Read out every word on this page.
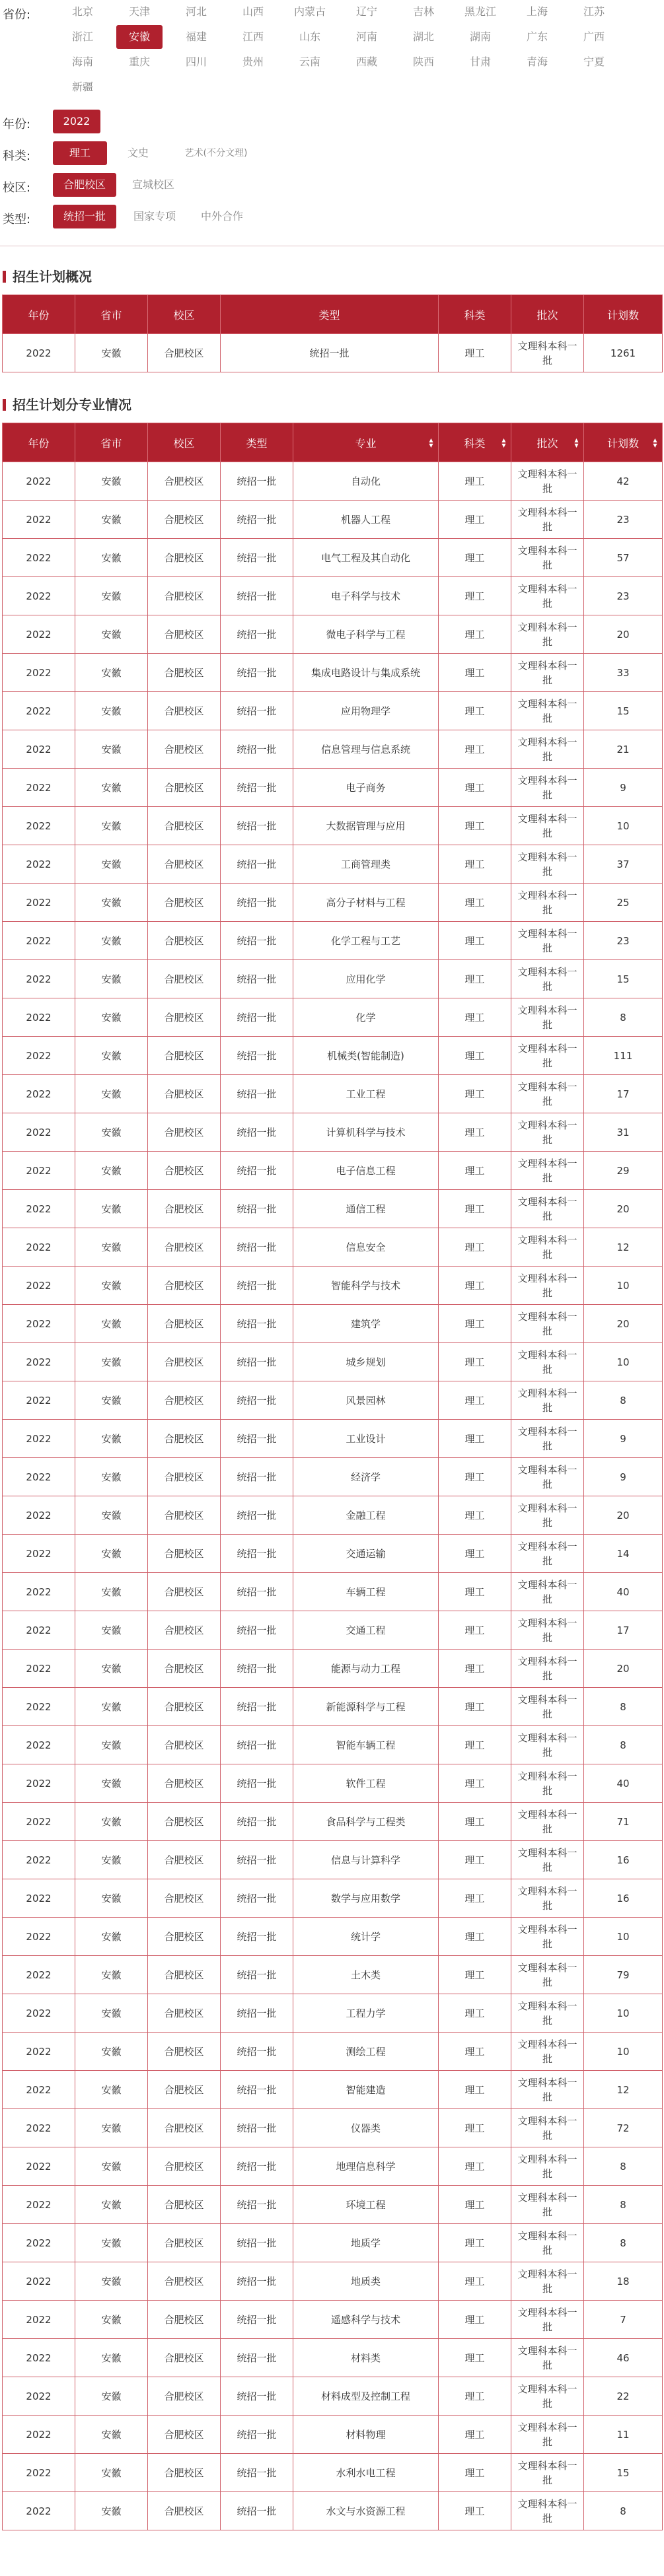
省份:	北京	天津	河北	山西	内蒙古	辽宁	吉林	黑龙江	上海	江苏
浙江	安徽	福建	江西	山东	河南	湖北	湖南	广东	广西
海南	重庆	四川	贵州	云南	西藏	陕西	甘肃	青海	宁夏
新疆
年份:	2022
科类:	理工	文史	艺术(不分文理)
校区:	合肥校区	宣城校区
类型:	统招一批	国家专项	中外合作
招生计划概况
年份	省市	校区	类型	科类	批次	计划数
2022	安徽	合肥校区	统招一批	理工	文理科本科一批	1261
招生计划分专业情况
年份	省市	校区	类型	专业 ▲▼	科类 ▲▼	批次 ▲▼	计划数 ▲▼
2022	安徽	合肥校区	统招一批	自动化	理工	文理科本科一批	42
2022	安徽	合肥校区	统招一批	机器人工程	理工	文理科本科一批	23
2022	安徽	合肥校区	统招一批	电气工程及其自动化	理工	文理科本科一批	57
2022	安徽	合肥校区	统招一批	电子科学与技术	理工	文理科本科一批	23
2022	安徽	合肥校区	统招一批	微电子科学与工程	理工	文理科本科一批	20
2022	安徽	合肥校区	统招一批	集成电路设计与集成系统	理工	文理科本科一批	33
2022	安徽	合肥校区	统招一批	应用物理学	理工	文理科本科一批	15
2022	安徽	合肥校区	统招一批	信息管理与信息系统	理工	文理科本科一批	21
2022	安徽	合肥校区	统招一批	电子商务	理工	文理科本科一批	9
2022	安徽	合肥校区	统招一批	大数据管理与应用	理工	文理科本科一批	10
2022	安徽	合肥校区	统招一批	工商管理类	理工	文理科本科一批	37
2022	安徽	合肥校区	统招一批	高分子材料与工程	理工	文理科本科一批	25
2022	安徽	合肥校区	统招一批	化学工程与工艺	理工	文理科本科一批	23
2022	安徽	合肥校区	统招一批	应用化学	理工	文理科本科一批	15
2022	安徽	合肥校区	统招一批	化学	理工	文理科本科一批	8
2022	安徽	合肥校区	统招一批	机械类(智能制造)	理工	文理科本科一批	111
2022	安徽	合肥校区	统招一批	工业工程	理工	文理科本科一批	17
2022	安徽	合肥校区	统招一批	计算机科学与技术	理工	文理科本科一批	31
2022	安徽	合肥校区	统招一批	电子信息工程	理工	文理科本科一批	29
2022	安徽	合肥校区	统招一批	通信工程	理工	文理科本科一批	20
2022	安徽	合肥校区	统招一批	信息安全	理工	文理科本科一批	12
2022	安徽	合肥校区	统招一批	智能科学与技术	理工	文理科本科一批	10
2022	安徽	合肥校区	统招一批	建筑学	理工	文理科本科一批	20
2022	安徽	合肥校区	统招一批	城乡规划	理工	文理科本科一批	10
2022	安徽	合肥校区	统招一批	风景园林	理工	文理科本科一批	8
2022	安徽	合肥校区	统招一批	工业设计	理工	文理科本科一批	9
2022	安徽	合肥校区	统招一批	经济学	理工	文理科本科一批	9
2022	安徽	合肥校区	统招一批	金融工程	理工	文理科本科一批	20
2022	安徽	合肥校区	统招一批	交通运输	理工	文理科本科一批	14
2022	安徽	合肥校区	统招一批	车辆工程	理工	文理科本科一批	40
2022	安徽	合肥校区	统招一批	交通工程	理工	文理科本科一批	17
2022	安徽	合肥校区	统招一批	能源与动力工程	理工	文理科本科一批	20
2022	安徽	合肥校区	统招一批	新能源科学与工程	理工	文理科本科一批	8
2022	安徽	合肥校区	统招一批	智能车辆工程	理工	文理科本科一批	8
2022	安徽	合肥校区	统招一批	软件工程	理工	文理科本科一批	40
2022	安徽	合肥校区	统招一批	食品科学与工程类	理工	文理科本科一批	71
2022	安徽	合肥校区	统招一批	信息与计算科学	理工	文理科本科一批	16
2022	安徽	合肥校区	统招一批	数学与应用数学	理工	文理科本科一批	16
2022	安徽	合肥校区	统招一批	统计学	理工	文理科本科一批	10
2022	安徽	合肥校区	统招一批	土木类	理工	文理科本科一批	79
2022	安徽	合肥校区	统招一批	工程力学	理工	文理科本科一批	10
2022	安徽	合肥校区	统招一批	测绘工程	理工	文理科本科一批	10
2022	安徽	合肥校区	统招一批	智能建造	理工	文理科本科一批	12
2022	安徽	合肥校区	统招一批	仪器类	理工	文理科本科一批	72
2022	安徽	合肥校区	统招一批	地理信息科学	理工	文理科本科一批	8
2022	安徽	合肥校区	统招一批	环境工程	理工	文理科本科一批	8
2022	安徽	合肥校区	统招一批	地质学	理工	文理科本科一批	8
2022	安徽	合肥校区	统招一批	地质类	理工	文理科本科一批	18
2022	安徽	合肥校区	统招一批	遥感科学与技术	理工	文理科本科一批	7
2022	安徽	合肥校区	统招一批	材料类	理工	文理科本科一批	46
2022	安徽	合肥校区	统招一批	材料成型及控制工程	理工	文理科本科一批	22
2022	安徽	合肥校区	统招一批	材料物理	理工	文理科本科一批	11
2022	安徽	合肥校区	统招一批	水利水电工程	理工	文理科本科一批	15
2022	安徽	合肥校区	统招一批	水文与水资源工程	理工	文理科本科一批	8
